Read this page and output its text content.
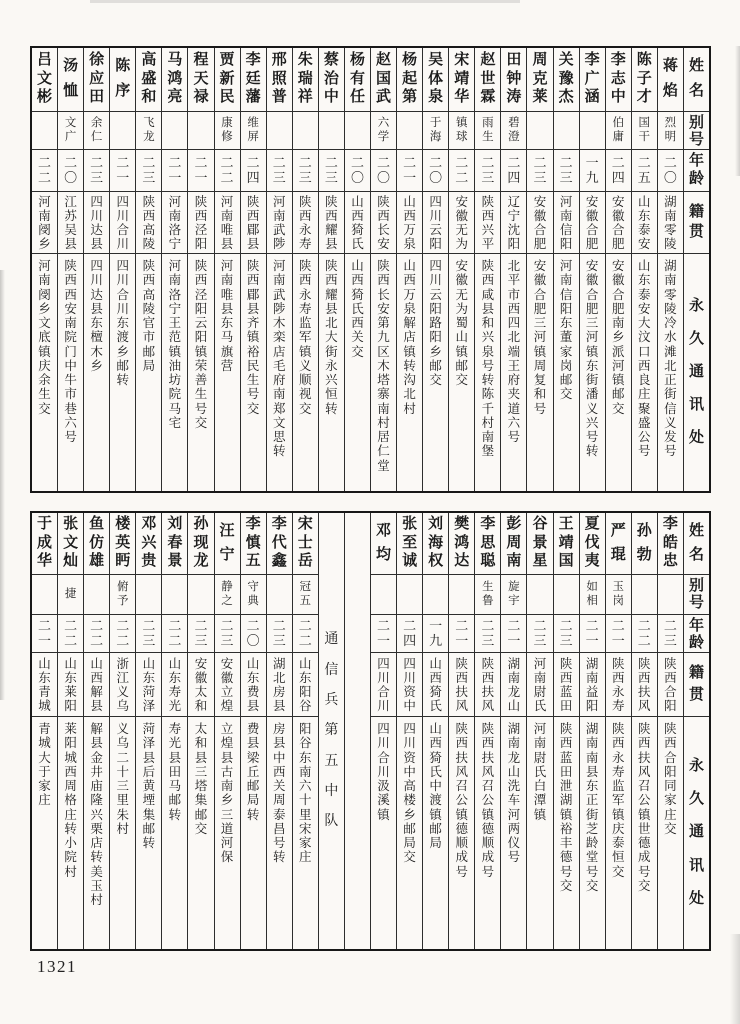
姓
名
别
号
年
龄
籍
贯
永
久
通
讯
处
蒋
焰
烈
明
二
〇
湖
南
零
陵
湖
南
零
陵
冷
水
滩
北
正
街
信
义
发
号
陈
子
才
国
干
二
五
山
东
泰
安
山
东
泰
安
大
汶
口
西
良
庄
聚
盛
公
号
李
志
中
伯
庸
二
四
安
徽
合
肥
安
徽
合
肥
南
乡
派
河
镇
邮
交
李
广
涵
一
九
安
徽
合
肥
安
徽
合
肥
三
河
镇
东
街
潘
义
兴
号
转
关
豫
杰
二
三
河
南
信
阳
河
南
信
阳
东
董
家
岗
邮
交
周
克
莱
二
三
安
徽
合
肥
安
徽
合
肥
三
河
镇
周
复
和
号
田
钟
涛
碧
澄
二
四
辽
宁
沈
阳
北
平
市
西
四
北
端
王
府
夹
道
六
号
赵
世
霖
雨
生
二
三
陕
西
兴
平
陕
西
咸
县
和
兴
泉
号
转
陈
千
村
南
堡
宋
靖
华
镇
球
二
二
安
徽
无
为
安
徽
无
为
蜀
山
镇
邮
交
吴
体
泉
于
海
二
〇
四
川
云
阳
四
川
云
阳
路
阳
乡
邮
交
杨
起
第
二
一
山
西
万
泉
山
西
万
泉
解
店
镇
转
沟
北
村
赵
国
武
六
学
二
〇
陕
西
长
安
陕
西
长
安
第
九
区
木
塔
寨
南
村
居
仁
堂
杨
有
任
二
〇
山
西
猗
氏
山
西
猗
氏
西
关
交
蔡
治
中
二
三
陕
西
耀
县
陕
西
耀
县
北
大
街
永
兴
恒
转
朱
瑞
祥
二
三
陕
西
永
寿
陕
西
永
寿
监
军
镇
义
顺
视
交
邢
照
普
二
三
河
南
武
陟
河
南
武
陟
木
栾
店
毛
府
南
郑
文
思
转
李
廷
藩
维
屏
二
四
陕
西
郿
县
陕
西
郿
县
齐
镇
裕
民
生
号
交
贾
新
民
康
修
二
二
河
南
唯
县
河
南
唯
县
东
马
旗
营
程
天
禄
二
一
陕
西
泾
阳
陕
西
泾
阳
云
阳
镇
荣
善
生
号
交
马
鸿
亮
二
一
河
南
洛
宁
河
南
洛
宁
王
范
镇
油
坊
院
马
宅
高
盛
和
飞
龙
二
三
陕
西
高
陵
陕
西
高
陵
官
市
邮
局
陈
序
二
一
四
川
合
川
四
川
合
川
东
渡
乡
邮
转
徐
应
田
余
仁
二
三
四
川
达
县
四
川
达
县
东
檀
木
乡
汤
恤
文
广
二
〇
江
苏
吴
县
陕
西
西
安
南
院
门
中
牛
市
巷
六
号
吕
文
彬
二
二
河
南
阌
乡
河
南
阌
乡
文
底
镇
庆
余
生
交
姓
名
别
号
年
龄
籍
贯
永
久
通
讯
处
李
皓
忠
二
三
陕
西
合
阳
陕
西
合
阳
同
家
庄
交
孙
勃
二
二
陕
西
扶
风
陕
西
扶
风
召
公
镇
世
德
成
号
交
严
琨
玉
岗
二
一
陕
西
永
寿
陕
西
永
寿
监
军
镇
庆
泰
恒
交
夏
伐
夷
如
相
二
一
湖
南
益
阳
湖
南
南
县
东
正
街
芝
龄
堂
号
交
王
靖
国
二
三
陕
西
蓝
田
陕
西
蓝
田
泄
湖
镇
裕
丰
德
号
交
谷
景
星
二
三
河
南
尉
氏
河
南
尉
氏
白
潭
镇
彭
周
南
旋
宇
二
一
湖
南
龙
山
湖
南
龙
山
洗
车
河
两
仪
号
李
思
聪
生
鲁
二
三
陕
西
扶
风
陕
西
扶
风
召
公
镇
德
顺
成
号
樊
鸿
达
二
一
陕
西
扶
风
陕
西
扶
风
召
公
镇
德
顺
成
号
刘
海
权
一
九
山
西
猗
氏
山
西
猗
氏
中
渡
镇
邮
局
张
至
诚
二
四
四
川
资
中
四
川
资
中
高
楼
乡
邮
局
交
邓
均
二
一
四
川
合
川
四
川
合
川
汲
溪
镇
通
信
兵
第
五
中
队
宋
士
岳
冠
五
二
二
山
东
阳
谷
阳
谷
东
南
六
十
里
宋
家
庄
李
代
鑫
二
三
湖
北
房
县
房
县
中
西
关
周
泰
昌
号
转
李
慎
五
守
典
二
〇
山
东
费
县
费
县
梁
丘
邮
局
转
汪
宁
静
之
二
三
安
徽
立
煌
立
煌
县
古
南
乡
三
道
河
保
孙
现
龙
二
三
安
徽
太
和
太
和
县
三
塔
集
邮
交
刘
春
景
二
二
山
东
寿
光
寿
光
县
田
马
邮
转
邓
兴
贵
二
三
山
东
菏
泽
菏
泽
县
后
黄
堙
集
邮
转
楼
英
眄
俯
予
二
二
浙
江
义
乌
义
乌
二
十
三
里
朱
村
鱼
仿
雄
二
二
山
西
解
县
解
县
金
井
庙
隆
兴
栗
店
转
美
玉
村
张
文
灿
捷
二
二
山
东
莱
阳
莱
阳
城
西
周
格
庄
转
小
院
村
于
成
华
二
一
山
东
青
城
青
城
大
于
家
庄
1321
